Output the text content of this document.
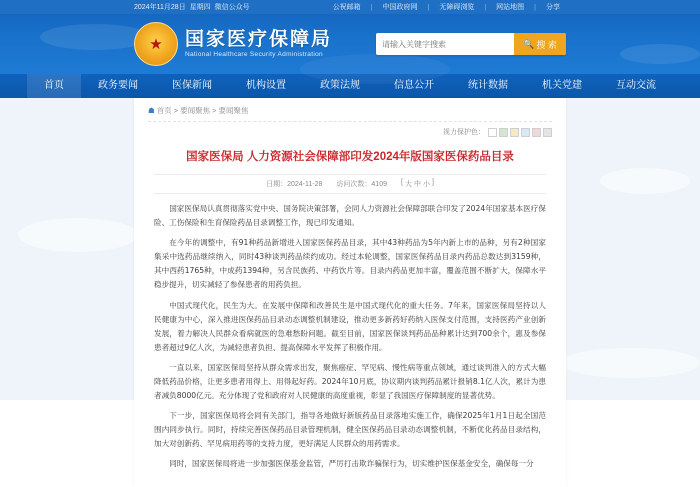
2024年11月28日 星期四 微信公众号	公祝邮箱 | 中国政府网 | 无障碍浏览 | 网站地图 | 分享
★ 国家医疗保障局
National Healthcare Security Administration
请输入关键字搜索
🔍 搜 索
首页	政务要闻	医保新闻	机构设置	政策法规	信息公开	统计数据	机关党建	互动交流
☗ 首页 > 要闻聚焦 > 要闻聚焦
视力保护色：
国家医保局 人力资源社会保障部印发2024年版国家医保药品目录
日期：2024-11-28 访问次数：4109 [ 大 中 小 ]

国家医保局认真贯彻落实党中央、国务院决策部署，会同人力资源社会保障部联合印发了2024年国家基本医疗保险、工伤保险和生育保险药品目录调整工作，现已印发通知。

在今年的调整中，有91种药品新增进入国家医保药品目录，其中43种药品为5年内新上市的品种，另有2种国家集采中选药品继续纳入，同时43种谈判药品续约成功。经过本轮调整，国家医保药品目录内药品总数达到3159种，其中西药1765种，中成药1394种，另含民族药、中药饮片等。目录内药品更加丰富，覆盖范围不断扩大，保障水平稳步提升，切实减轻了参保患者的用药负担。

中国式现代化，民生为大。在发展中保障和改善民生是中国式现代化的重大任务。7年来，国家医保局坚持以人民健康为中心，深入推进医保药品目录动态调整机制建设，推动更多新药好药纳入医保支付范围，支持医药产业创新发展，着力解决人民群众看病就医的急难愁盼问题。截至目前，国家医保谈判药品品种累计达到700余个，惠及参保患者超过9亿人次，为减轻患者负担、提高保障水平发挥了积极作用。

一直以来，国家医保局坚持从群众需求出发，聚焦癌症、罕见病、慢性病等重点领域，通过谈判准入的方式大幅降低药品价格，让更多患者用得上、用得起好药。2024年10月底，协议期内谈判药品累计报销8.1亿人次，累计为患者减负8000亿元。充分体现了党和政府对人民健康的高度重视，彰显了我国医疗保障制度的显著优势。

下一步，国家医保局将会同有关部门，指导各地做好新版药品目录落地实施工作，确保2025年1月1日起全国范围内同步执行。同时，持续完善医保药品目录管理机制，健全医保药品目录动态调整机制，不断优化药品目录结构，加大对创新药、罕见病用药等的支持力度，更好满足人民群众的用药需求。

同时，国家医保局将进一步加强医保基金监管，严厉打击欺诈骗保行为，切实维护医保基金安全，确保每一分
